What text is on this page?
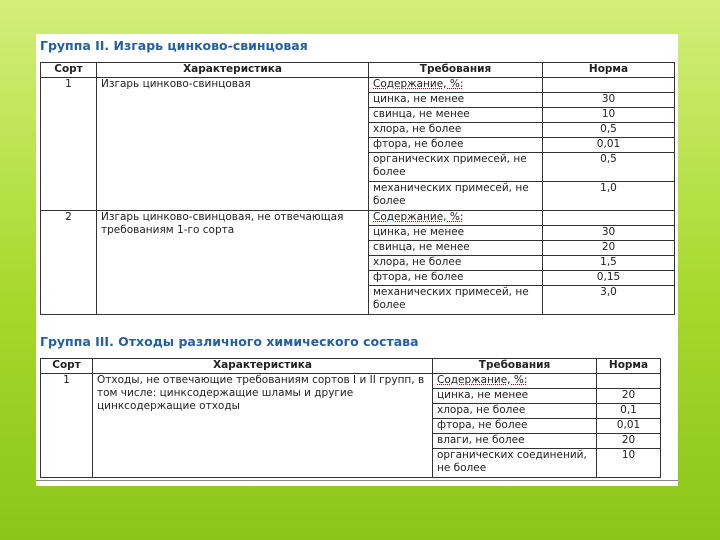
Группа II. Изгарь цинково-свинцовая
Сорт	Характеристика	Требования	Норма
1	Изгарь цинково-свинцовая	Содержание, %:	
		цинка, не менее	30
		свинца, не менее	10
		хлора, не более	0,5
		фтора, не более	0,01
		органических примесей, не более	0,5
		механических примесей, не более	1,0
2	Изгарь цинково-свинцовая, не отвечающая требованиям 1-го сорта	Содержание, %:	
		цинка, не менее	30
		свинца, не менее	20
		хлора, не более	1,5
		фтора, не более	0,15
		механических примесей, не более	3,0
Группа III. Отходы различного химического состава
Сорт	Характеристика	Требования	Норма
1	Отходы, не отвечающие требованиям сортов I и II групп, в том числе: цинксодержащие шламы и другие цинксодержащие отходы	Содержание, %:	
		цинка, не менее	20
		хлора, не более	0,1
		фтора, не более	0,01
		влаги, не более	20
		органических соединений, не более	10
